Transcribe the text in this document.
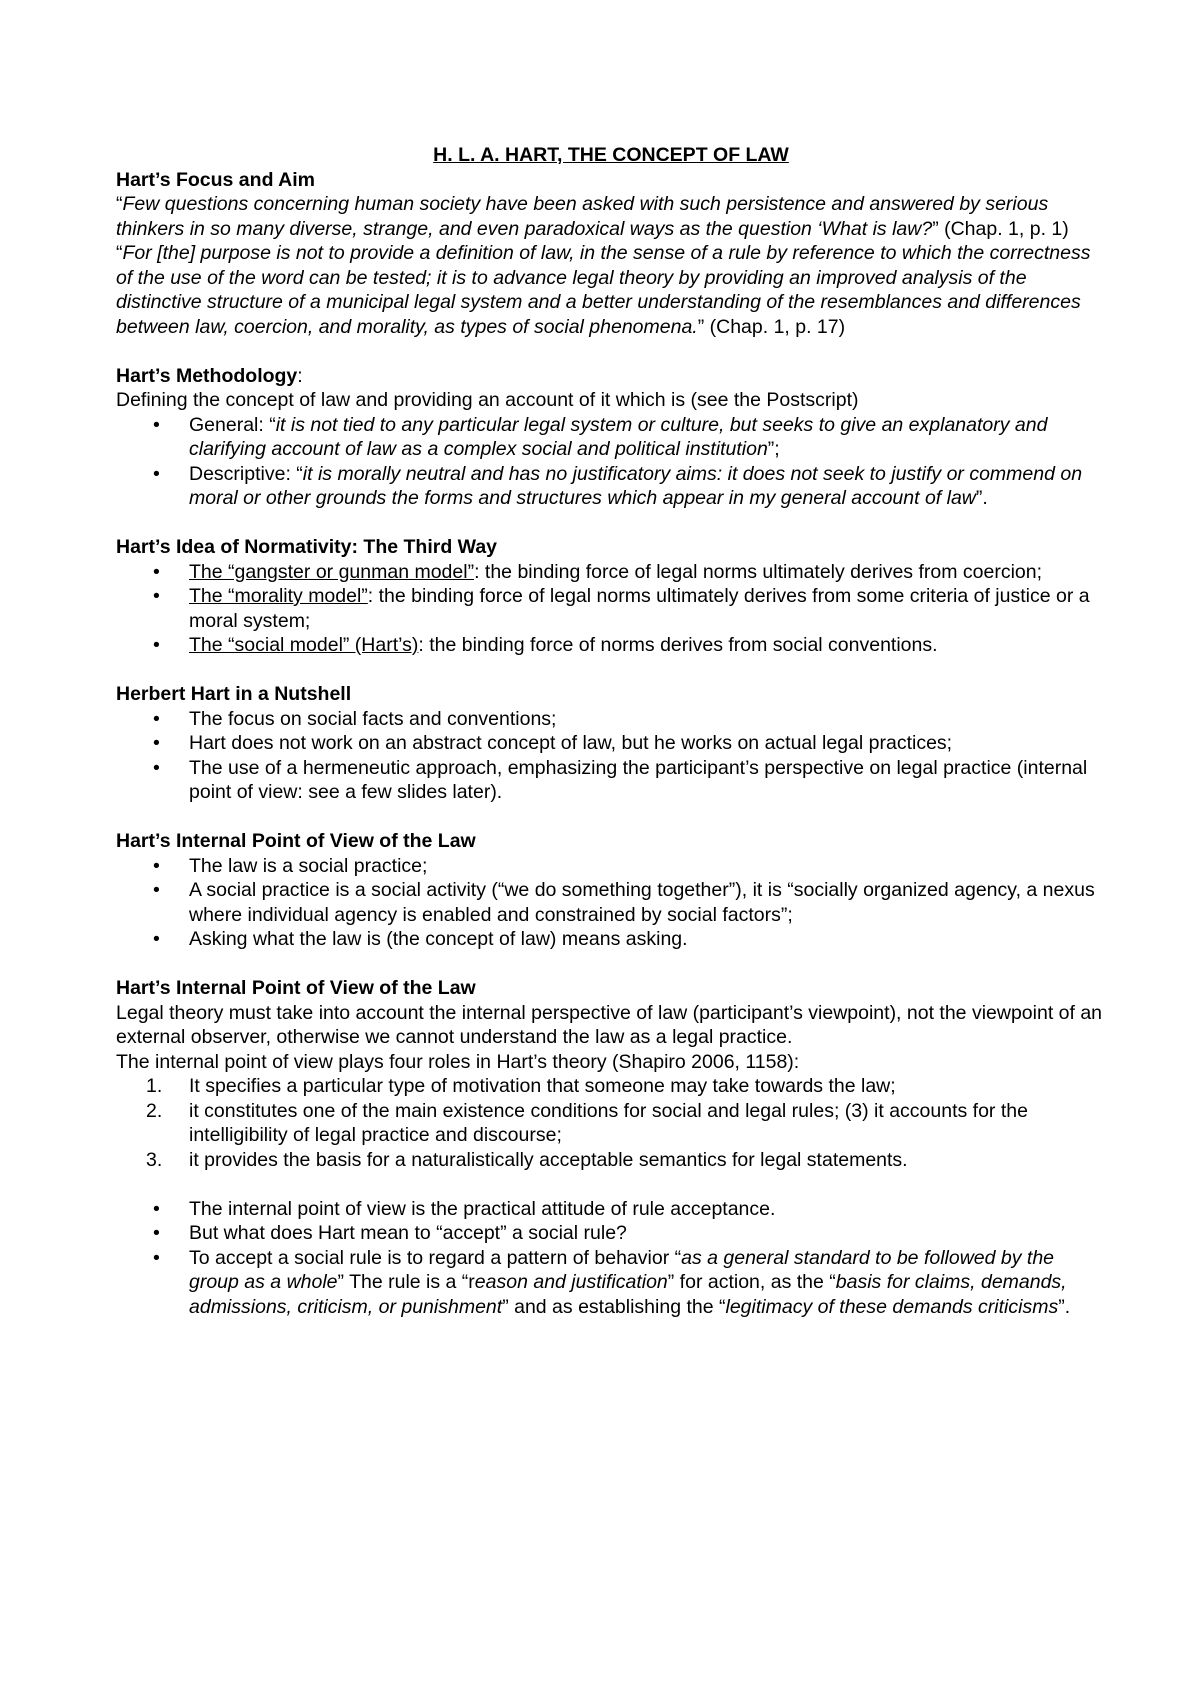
H. L. A. HART, THE CONCEPT OF LAW

Hart’s Focus and Aim

“Few questions concerning human society have been asked with such persistence and answered by serious thinkers in so many diverse, strange, and even paradoxical ways as the question ‘What is law?” (Chap. 1, p. 1)

“For [the] purpose is not to provide a definition of law, in the sense of a rule by reference to which the correctness of the use of the word can be tested; it is to advance legal theory by providing an improved analysis of the distinctive structure of a municipal legal system and a better understanding of the resemblances and differences between law, coercion, and morality, as types of social phenomena.” (Chap. 1, p. 17)

Hart’s Methodology:

Defining the concept of law and providing an account of it which is (see the Postscript)

• General: “it is not tied to any particular legal system or culture, but seeks to give an explanatory and clarifying account of law as a complex social and political institution”;
• Descriptive: “it is morally neutral and has no justificatory aims: it does not seek to justify or commend on moral or other grounds the forms and structures which appear in my general account of law”.
Hart’s Idea of Normativity: The Third Way
• The “gangster or gunman model”: the binding force of legal norms ultimately derives from coercion;
• The “morality model”: the binding force of legal norms ultimately derives from some criteria of justice or a moral system;
• The “social model” (Hart’s): the binding force of norms derives from social conventions.
Herbert Hart in a Nutshell
• The focus on social facts and conventions;
• Hart does not work on an abstract concept of law, but he works on actual legal practices;
• The use of a hermeneutic approach, emphasizing the participant’s perspective on legal practice (internal point of view: see a few slides later).
Hart’s Internal Point of View of the Law
• The law is a social practice;
• A social practice is a social activity (“we do something together”), it is “socially organized agency, a nexus where individual agency is enabled and constrained by social factors”;
• Asking what the law is (the concept of law) means asking.
Hart’s Internal Point of View of the Law

Legal theory must take into account the internal perspective of law (participant’s viewpoint), not the viewpoint of an external observer, otherwise we cannot understand the law as a legal practice.

The internal point of view plays four roles in Hart’s theory (Shapiro 2006, 1158):

1. It specifies a particular type of motivation that someone may take towards the law;
2. it constitutes one of the main existence conditions for social and legal rules; (3) it accounts for the intelligibility of legal practice and discourse;
3. it provides the basis for a naturalistically acceptable semantics for legal statements.
• The internal point of view is the practical attitude of rule acceptance.
• But what does Hart mean to “accept” a social rule?
• To accept a social rule is to regard a pattern of behavior “as a general standard to be followed by the group as a whole” The rule is a “reason and justification” for action, as the “basis for claims, demands, admissions, criticism, or punishment” and as establishing the “legitimacy of these demands criticisms”.
